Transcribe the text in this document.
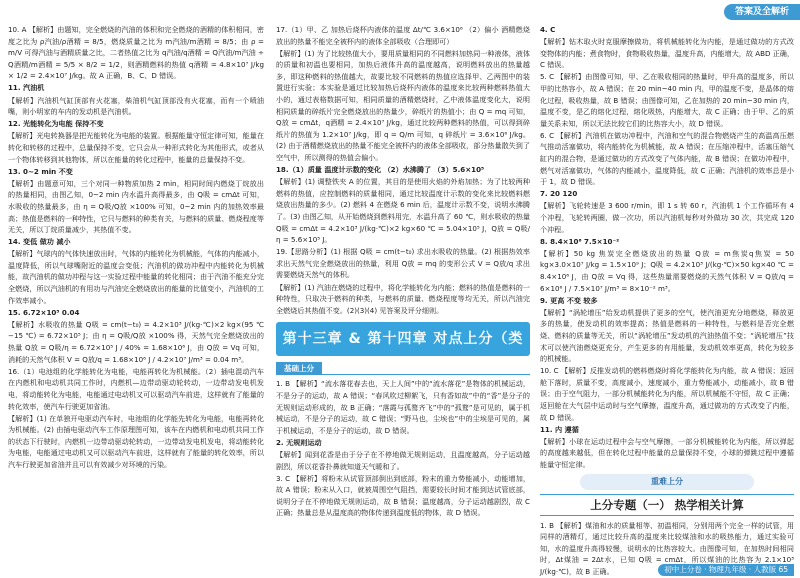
答案及全解析

10. A 【解析】由题知，完全燃烧的汽油的体积和完全燃烧的酒精的体积相同，密度之比为 ρ汽油/ρ酒精 = 8/5，燃烧质量之比为 m汽油/m酒精 = 8/5；由 ρ = m/V 可得汽油与酒精质量之比，二者热值之比为 q汽油/q酒精 = Q汽油/m汽油 ÷ Q酒精/m酒精 = 5/5 × 8/2 = 1/2，则酒精燃料的热值 q酒精 = 4.8×10⁷ J/kg × 1/2 = 2.4×10⁷ J/kg。故 A 正确，B、C、D 错误。

11. 汽油机

【解析】汽油机气缸顶部有火花塞，柴油机气缸顶部没有火花塞，而有一个喷油嘴，则小明家的车内的发动机是汽油机。

12. 光能转化为电能 保持不变

【解析】光电转换器是把光能转化为电能的装置。根据能量守恒定律可知，能量在转化和转移的过程中，总量保持不变，它只会从一种形式转化为其他形式，或者从一个物体转移到其他物体，所以在能量的转化过程中，能量的总量保持不变。

13. 0~2 min 不变

【解析】由题意可知，三个对同一种物质加热 2 min，相同时间内燃烧丁烷放出的热量相同，由图乙知，0~2 min 内水温升高得最多，由 Q吸 = cmΔt 可知，水吸收的热量最多，由 η = Q吸/Q放 ×100% 可知，0~2 min 内的加热效率最高；热值是燃料的一种特性，它只与燃料的种类有关，与燃料的质量、燃烧程度等无关，所以丁烷质量减少，其热值不变。

14. 变低 做功 减小

【解析】气球内的气体快速放出时，气体的内能转化为机械能，气体的内能减小，温度降低，所以气球嘴附近的温度会变低；汽油机的做功冲程中内能转化为机械能，故汽油机的做功冲程与这一实验过程中能量的转化相同；由于汽油不能充分完全燃烧，所以汽油机的有用功与汽油完全燃烧放出的能量的比值变小，汽油机的工作效率减小。

15. 6.72×10⁵ 0.04

【解析】水吸收的热量 Q吸 = cm(t−t₀) = 4.2×10³ J/(kg·℃)×2 kg×(95 ℃−15 ℃) = 6.72×10⁵ J；由 η = Q吸/Q放 ×100% 得，天然气完全燃烧放出的热量 Q放 = Q吸/η = 6.72×10⁵ J / 40% = 1.68×10⁶ J，由 Q放 = Vq 可知，消耗的天然气体积 V = Q放/q = 1.68×10⁶ J / 4.2×10⁷ J/m³ = 0.04 m³。

16.（1）电池组的化学能转化为电能，电能再转化为机械能。（2）插电混动汽车在内燃机和电动机共同工作时，内燃机—边带动驱动轮转动，一边带动发电机发电，将动能转化为电能，电能通过电动机又可以驱动汽车前进，这样就有了能量的转化效率，使汽车行驶更加省油。

【解析】(1) 在单独开电驱动汽车时，电池组的化学能先转化为电能，电能再转化为机械能。(2) 由插电驱动汽车工作原理图可知，该车在内燃机和电动机共同工作的状态下行驶时，内燃机一边带动驱动轮转动，一边带动发电机发电，将动能转化为电能，电能通过电动机又可以驱动汽车前进，这样就有了能量的转化效率，所以汽车行驶更加省油并且可以有效减少对环境的污染。

17.（1）甲、乙 加热后烧杯内液体的温度 Δt/℃ 3.6×10⁶ （2）偏小 酒精燃烧放出的热量不能完全被杯内的液体全部吸收（合理即可）

【解析】(1) 为了比较热值大小，要用质量相同的不同燃料加热同一种液体，液体的质量和初温也要相同，加热后液体升高的温度越高，说明燃料放出的热量越多，即这种燃料的热值越大，故要比较不同燃料的热值应选择甲、乙两图中的装置进行实验；本实验是通过比较加热后烧杯内液体的温度来比较两种燃料热值大小的，通过表格数据可知，相同质量的酒精燃烧时，乙中液体温度变化大，说明相同质量的碎纸片完全燃烧放出的热量少，碎纸片的热值小；由 Q = mq 可知，Q放 = cmΔt，q酒精 = 2.4×10⁷ J/kg，通过比较两种燃料的热值，可以得到碎纸片的热值为 1.2×10⁷ J/kg，即 q = Q/m 可知，q 碎纸片 = 3.6×10⁶ J/kg。(2) 由于酒精燃烧放出的热量不能完全被杯内的液体全部吸收，部分热量散失到了空气中，所以测得的热值会偏小。

18.（1）质量 温度计示数的变化 （2）水沸腾了 （3）5.6×10⁵

【解析】(1) 调整铁夹 A 的位置，其目的是使用火焰的外焰加热；为了比较两种燃料的热值，应控制燃料的质量相同，通过比较温度计示数的变化来比较燃料燃烧放出热量的多少。(2) 燃料 4 在燃烧 6 min 后，温度计示数不变，说明水沸腾了。(3) 由图乙知，从开始燃烧到燃料用完，水温升高了 60 ℃，则水吸收的热量 Q吸 = cmΔt = 4.2×10³ J/(kg·℃)×2 kg×60 ℃ = 5.04×10⁵ J，Q放 = Q吸/η = 5.6×10⁵ J。

19.【思路分析】(1) 根据 Q吸 = cm(t−t₀) 求出水吸收的热量。(2) 根据热效率求出天然气完全燃烧放出的热量，利用 Q放 = mq 的变形公式 V = Q放/q 求出需要燃烧天然气的体积。

【解析】(1) 汽油在燃烧的过程中，将化学能转化为内能；燃料的热值是燃料的一种特性，只取决于燃料的种类，与燃料的质量、燃烧程度等均无关，所以汽油完全燃烧后其热值不变。(2)(3)(4) 见答案及评分细则。

第十三章 & 第十四章 对点上分（类题推送）
基础上分

1. B 【解析】“流水落花春去也，天上人间”中的“流水落花”是物体的机械运动，不是分子的运动，故 A 错误；“春风吹过柳絮飞，只有香如故”中的“香”是分子的无规则运动形成的，故 B 正确；“落霞与孤鹜齐飞”中的“孤鹜”是可见的，属于机械运动，不是分子的运动，故 C 错误；“野马也，尘埃也”中的尘埃是可见的，属于机械运动，不是分子的运动，故 D 错误。

2. 无规则运动

【解析】闻到花香是由于分子在不停地做无规则运动，且温度越高，分子运动越剧烈，所以花香扑鼻就知道天气暖和了。

3. C 【解析】将粉末从试管顶部倒出到底部，粉末的重力势能减小，动能增加，故 A 错误；粉末从入口，就被周围空气阻挡，需要较长时间才能到达试管底部，说明分子在不停地做无规则运动，故 B 错误；温度越高，分子运动越剧烈，故 C 正确；热量总是从温度高的物体传递到温度低的物体，故 D 错误。

4. C

【解析】钻木取火时克服摩擦做功，将机械能转化为内能，是通过做功的方式改变物体的内能；煮食物时，食物吸收热量，温度升高，内能增大，故 ABD 正确，C 错误。

5. C 【解析】由图像可知，甲、乙在吸收相同的热量时，甲升高的温度多，所以甲的比热容小，故 A 错误；在 20 min~40 min 内，甲的温度不变，是晶体的熔化过程，吸收热量，故 B 错误；由图像可知，乙在加热的 20 min~30 min 内，温度不变，是乙的熔化过程，熔化吸热，内能增大，故 C 正确；由于甲、乙的质量关系未知，所以无法比较它们的比热容大小，故 D 错误。

6. C 【解析】汽油机在做功冲程中，汽油和空气的混合物燃烧产生的高温高压燃气推动活塞做功，将内能转化为机械能，故 A 错误；在压缩冲程中，活塞压缩气缸内的混合物，是通过做功的方式改变了气体内能，故 B 错误；在做功冲程中，燃气对活塞做功，气体的内能减小，温度降低，故 C 正确；汽油机的效率总是小于 1，故 D 错误。

7. 20 120

【解析】飞轮转速是 3 600 r/min，即 1 s 转 60 r，汽油机 1 个工作循环有 4 个冲程，飞轮转两圈，做一次功，所以汽油机每秒对外做功 30 次，共完成 120 个冲程。

8. 8.4×10⁶ 7.5×10⁻²

【解析】50 kg 焦炭完全燃烧放出的热量 Q放 = m焦炭q焦炭 = 50 kg×3.0×10⁷ J/kg = 1.5×10⁹ J；Q吸 = 4.2×10³ J/(kg·℃)×50 kg×40 ℃ = 8.4×10⁶ J，由 Q放 = Vq 得，这些热量需要燃烧的天然气体积 V = Q放/q = 6×10⁶ J / 7.5×10⁷ J/m³ = 8×10⁻² m³。

9. 更高 不变 较多

【解析】“涡轮增压”给发动机提供了更多的空气，使汽油更充分地燃烧，释放更多的热量，使发动机的效率提高；热值是燃料的一种特性，与燃料是否完全燃烧、燃料的质量等无关，所以“涡轮增压”发动机的汽油热值不变；“涡轮增压”技术可以使汽油燃烧更充分，产生更多的有用能量，发动机效率更高，转化为较多的机械能。

10. C 【解析】反推发动机的燃料燃烧时将化学能转化为内能，故 A 错误；返回舱下落时，质量不变，高度减小，速度减小，重力势能减小，动能减小，故 B 错误；由于空气阻力，一部分机械能转化为内能，所以机械能不守恒，故 C 正确；返回舱在大气层中运动时与空气摩擦，温度升高，通过做功的方式改变了内能，故 D 错误。

11. 内 遵循

【解析】小球在运动过程中会与空气摩擦，一部分机械能转化为内能，所以弹起的高度越来越低，但在转化过程中能量的总量保持不变，小球的弹跳过程中遵循能量守恒定律。

重难上分
上分专题（一） 热学相关计算

1. B 【解析】煤油和水的质量相等、初温相同，分别用两个完全一样的试管，用同样的酒精灯，通过比较升高的温度来比较煤油和水的吸热能力，通过实验可知，水的温度升高得较慢，说明水的比热容较大。由图像可知，在加热时间相同时，Δt煤油 = 2Δt水，已知 Q吸 = cmΔt，所以煤油的比热容为 2.1×10³ J/(kg·℃)，故 B 正确。	初中上分卷 · 物理九年级 · 人教版 65
